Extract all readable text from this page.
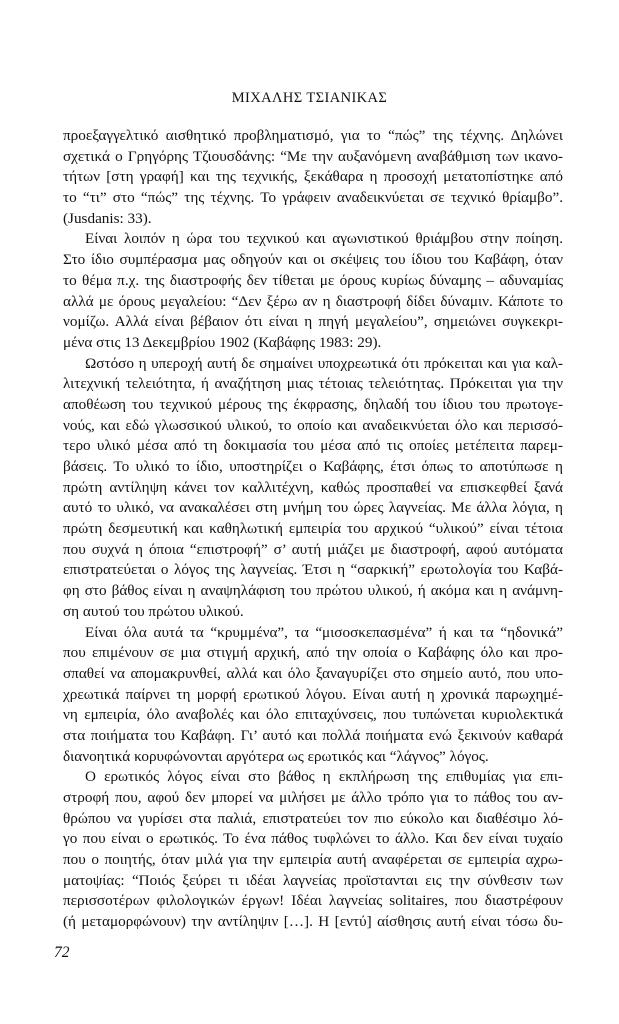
ΜΙΧΑΛΗΣ ΤΣΙΑΝΙΚΑΣ
προεξαγγελτικό αισθητικό προβληματισμό, για το “πώς” της τέχνης. Δηλώνει
σχετικά ο Γρηγόρης Τζιουσδάνης: “Με την αυξανόμενη αναβάθμιση των ικανο-
τήτων [στη γραφή] και της τεχνικής, ξεκάθαρα η προσοχή μετατοπίστηκε από
το “τι” στο “πώς” της τέχνης. Το γράφειν αναδεικνύεται σε τεχνικό θρίαμβο”.
(Jusdanis: 33).
Είναι λοιπόν η ώρα του τεχνικού και αγωνιστικού θριάμβου στην ποίηση.
Στο ίδιο συμπέρασμα μας οδηγούν και οι σκέψεις του ίδιου του Καβάφη, όταν
το θέμα π.χ. της διαστροφής δεν τίθεται με όρους κυρίως δύναμης – αδυναμίας
αλλά με όρους μεγαλείου: “Δεν ξέρω αν η διαστροφή δίδει δύναμιν. Κάποτε το
νομίζω. Αλλά είναι βέβαιον ότι είναι η πηγή μεγαλείου”, σημειώνει συγκεκρι-
μένα στις 13 Δεκεμβρίου 1902 (Καβάφης 1983: 29).
Ωστόσο η υπεροχή αυτή δε σημαίνει υποχρεωτικά ότι πρόκειται και για καλ-
λιτεχνική τελειότητα, ή αναζήτηση μιας τέτοιας τελειότητας. Πρόκειται για την
αποθέωση του τεχνικού μέρους της έκφρασης, δηλαδή του ίδιου του πρωτογε-
νούς, και εδώ γλωσσικού υλικού, το οποίο και αναδεικνύεται όλο και περισσό-
τερο υλικό μέσα από τη δοκιμασία του μέσα από τις οποίες μετέπειτα παρεμ-
βάσεις. Το υλικό το ίδιο, υποστηρίζει ο Καβάφης, έτσι όπως το αποτύπωσε η
πρώτη αντίληψη κάνει τον καλλιτέχνη, καθώς προσπαθεί να επισκεφθεί ξανά
αυτό το υλικό, να ανακαλέσει στη μνήμη του ώρες λαγνείας. Με άλλα λόγια, η
πρώτη δεσμευτική και καθηλωτική εμπειρία του αρχικού “υλικού” είναι τέτοια
που συχνά η όποια “επιστροφή” σ’ αυτή μιάζει με διαστροφή, αφού αυτόματα
επιστρατεύεται ο λόγος της λαγνείας. Έτσι η “σαρκική” ερωτολογία του Καβά-
φη στο βάθος είναι η αναψηλάφιση του πρώτου υλικού, ή ακόμα και η ανάμνη-
ση αυτού του πρώτου υλικού.
Είναι όλα αυτά τα “κρυμμένα”, τα “μισοσκεπασμένα” ή και τα “ηδονικά”
που επιμένουν σε μια στιγμή αρχική, από την οποία ο Καβάφης όλο και προ-
σπαθεί να απομακρυνθεί, αλλά και όλο ξαναγυρίζει στο σημείο αυτό, που υπο-
χρεωτικά παίρνει τη μορφή ερωτικού λόγου. Είναι αυτή η χρονικά παρωχημέ-
νη εμπειρία, όλο αναβολές και όλο επιταχύνσεις, που τυπώνεται κυριολεκτικά
στα ποιήματα του Καβάφη. Γι’ αυτό και πολλά ποιήματα ενώ ξεκινούν καθαρά
διανοητικά κορυφώνονται αργότερα ως ερωτικός και “λάγνος” λόγος.
Ο ερωτικός λόγος είναι στο βάθος η εκπλήρωση της επιθυμίας για επι-
στροφή που, αφού δεν μπορεί να μιλήσει με άλλο τρόπο για το πάθος του αν-
θρώπου να γυρίσει στα παλιά, επιστρατεύει τον πιο εύκολο και διαθέσιμο λό-
γο που είναι ο ερωτικός. Το ένα πάθος τυφλώνει το άλλο. Και δεν είναι τυχαίο
που ο ποιητής, όταν μιλά για την εμπειρία αυτή αναφέρεται σε εμπειρία αχρω-
ματοψίας: “Ποιός ξεύρει τι ιδέαι λαγνείας προϊστανται εις την σύνθεσιν των
περισσοτέρων φιλολογικών έργων! Ιδέαι λαγνείας solitaires, που διαστρέφουν
(ή μεταμορφώνουν) την αντίληψιν […]. Η [εντύ] αίσθησις αυτή είναι τόσω δυ-
72
